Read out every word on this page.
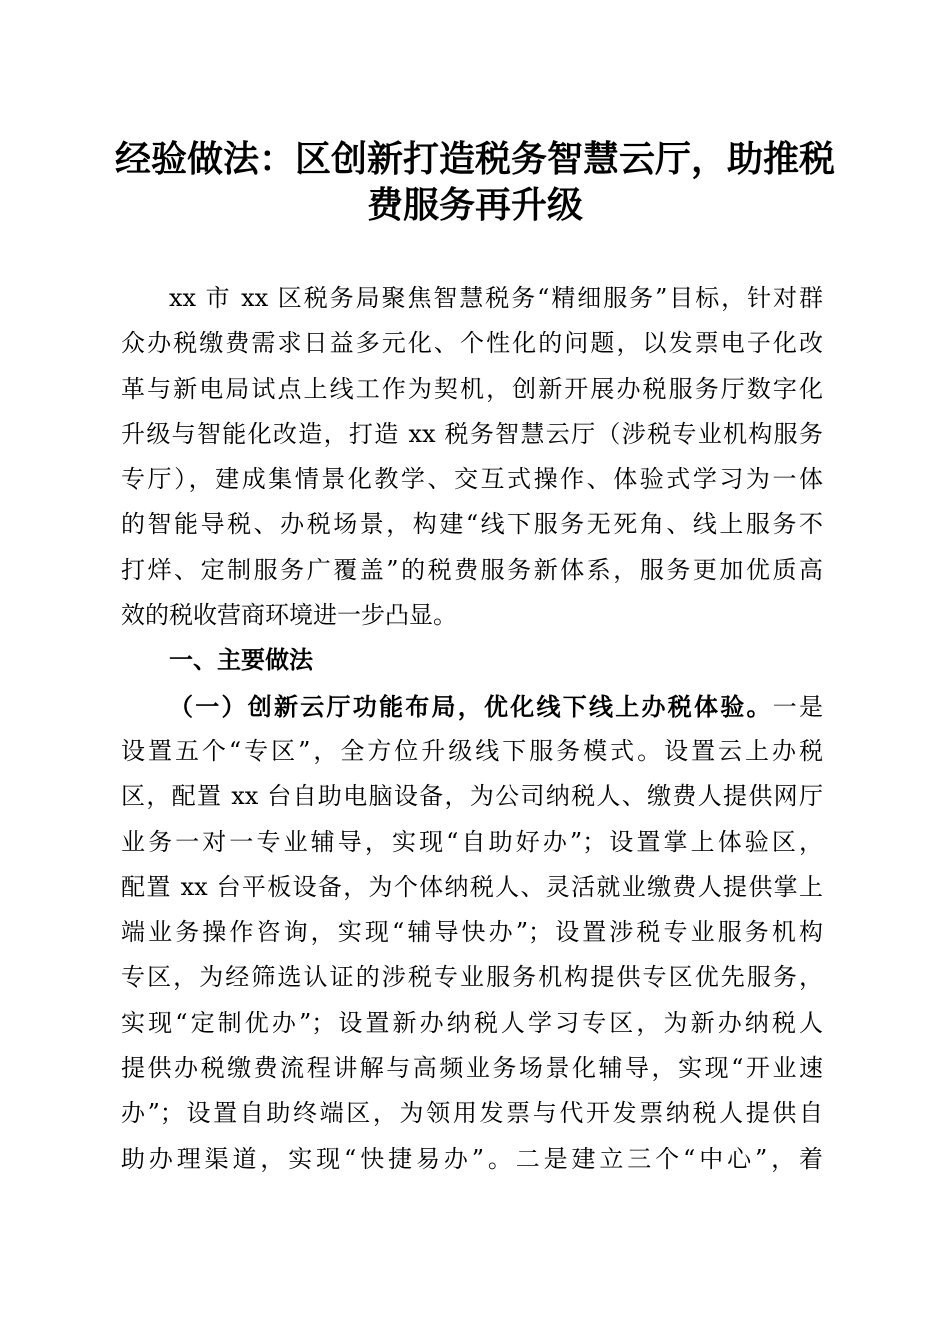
经验做法：区创新打造税务智慧云厅，助推税
费服务再升级
xx 市 xx 区税务局聚焦智慧税务“精细服务”目标，针对群
众办税缴费需求日益多元化、个性化的问题，以发票电子化改
革与新电局试点上线工作为契机，创新开展办税服务厅数字化
升级与智能化改造，打造 xx 税务智慧云厅（涉税专业机构服务
专厅），建成集情景化教学、交互式操作、体验式学习为一体
的智能导税、办税场景，构建“线下服务无死角、线上服务不
打烊、定制服务广覆盖”的税费服务新体系，服务更加优质高
效的税收营商环境进一步凸显。
一、主要做法
（一）创新云厅功能布局，优化线下线上办税体验。一是
设置五个“专区”，全方位升级线下服务模式。设置云上办税
区，配置 xx 台自助电脑设备，为公司纳税人、缴费人提供网厅
业务一对一专业辅导，实现“自助好办”；设置掌上体验区，
配置 xx 台平板设备，为个体纳税人、灵活就业缴费人提供掌上
端业务操作咨询，实现“辅导快办”；设置涉税专业服务机构
专区，为经筛选认证的涉税专业服务机构提供专区优先服务，
实现“定制优办”；设置新办纳税人学习专区，为新办纳税人
提供办税缴费流程讲解与高频业务场景化辅导，实现“开业速
办”；设置自助终端区，为领用发票与代开发票纳税人提供自
助办理渠道，实现“快捷易办”。二是建立三个“中心”，着
